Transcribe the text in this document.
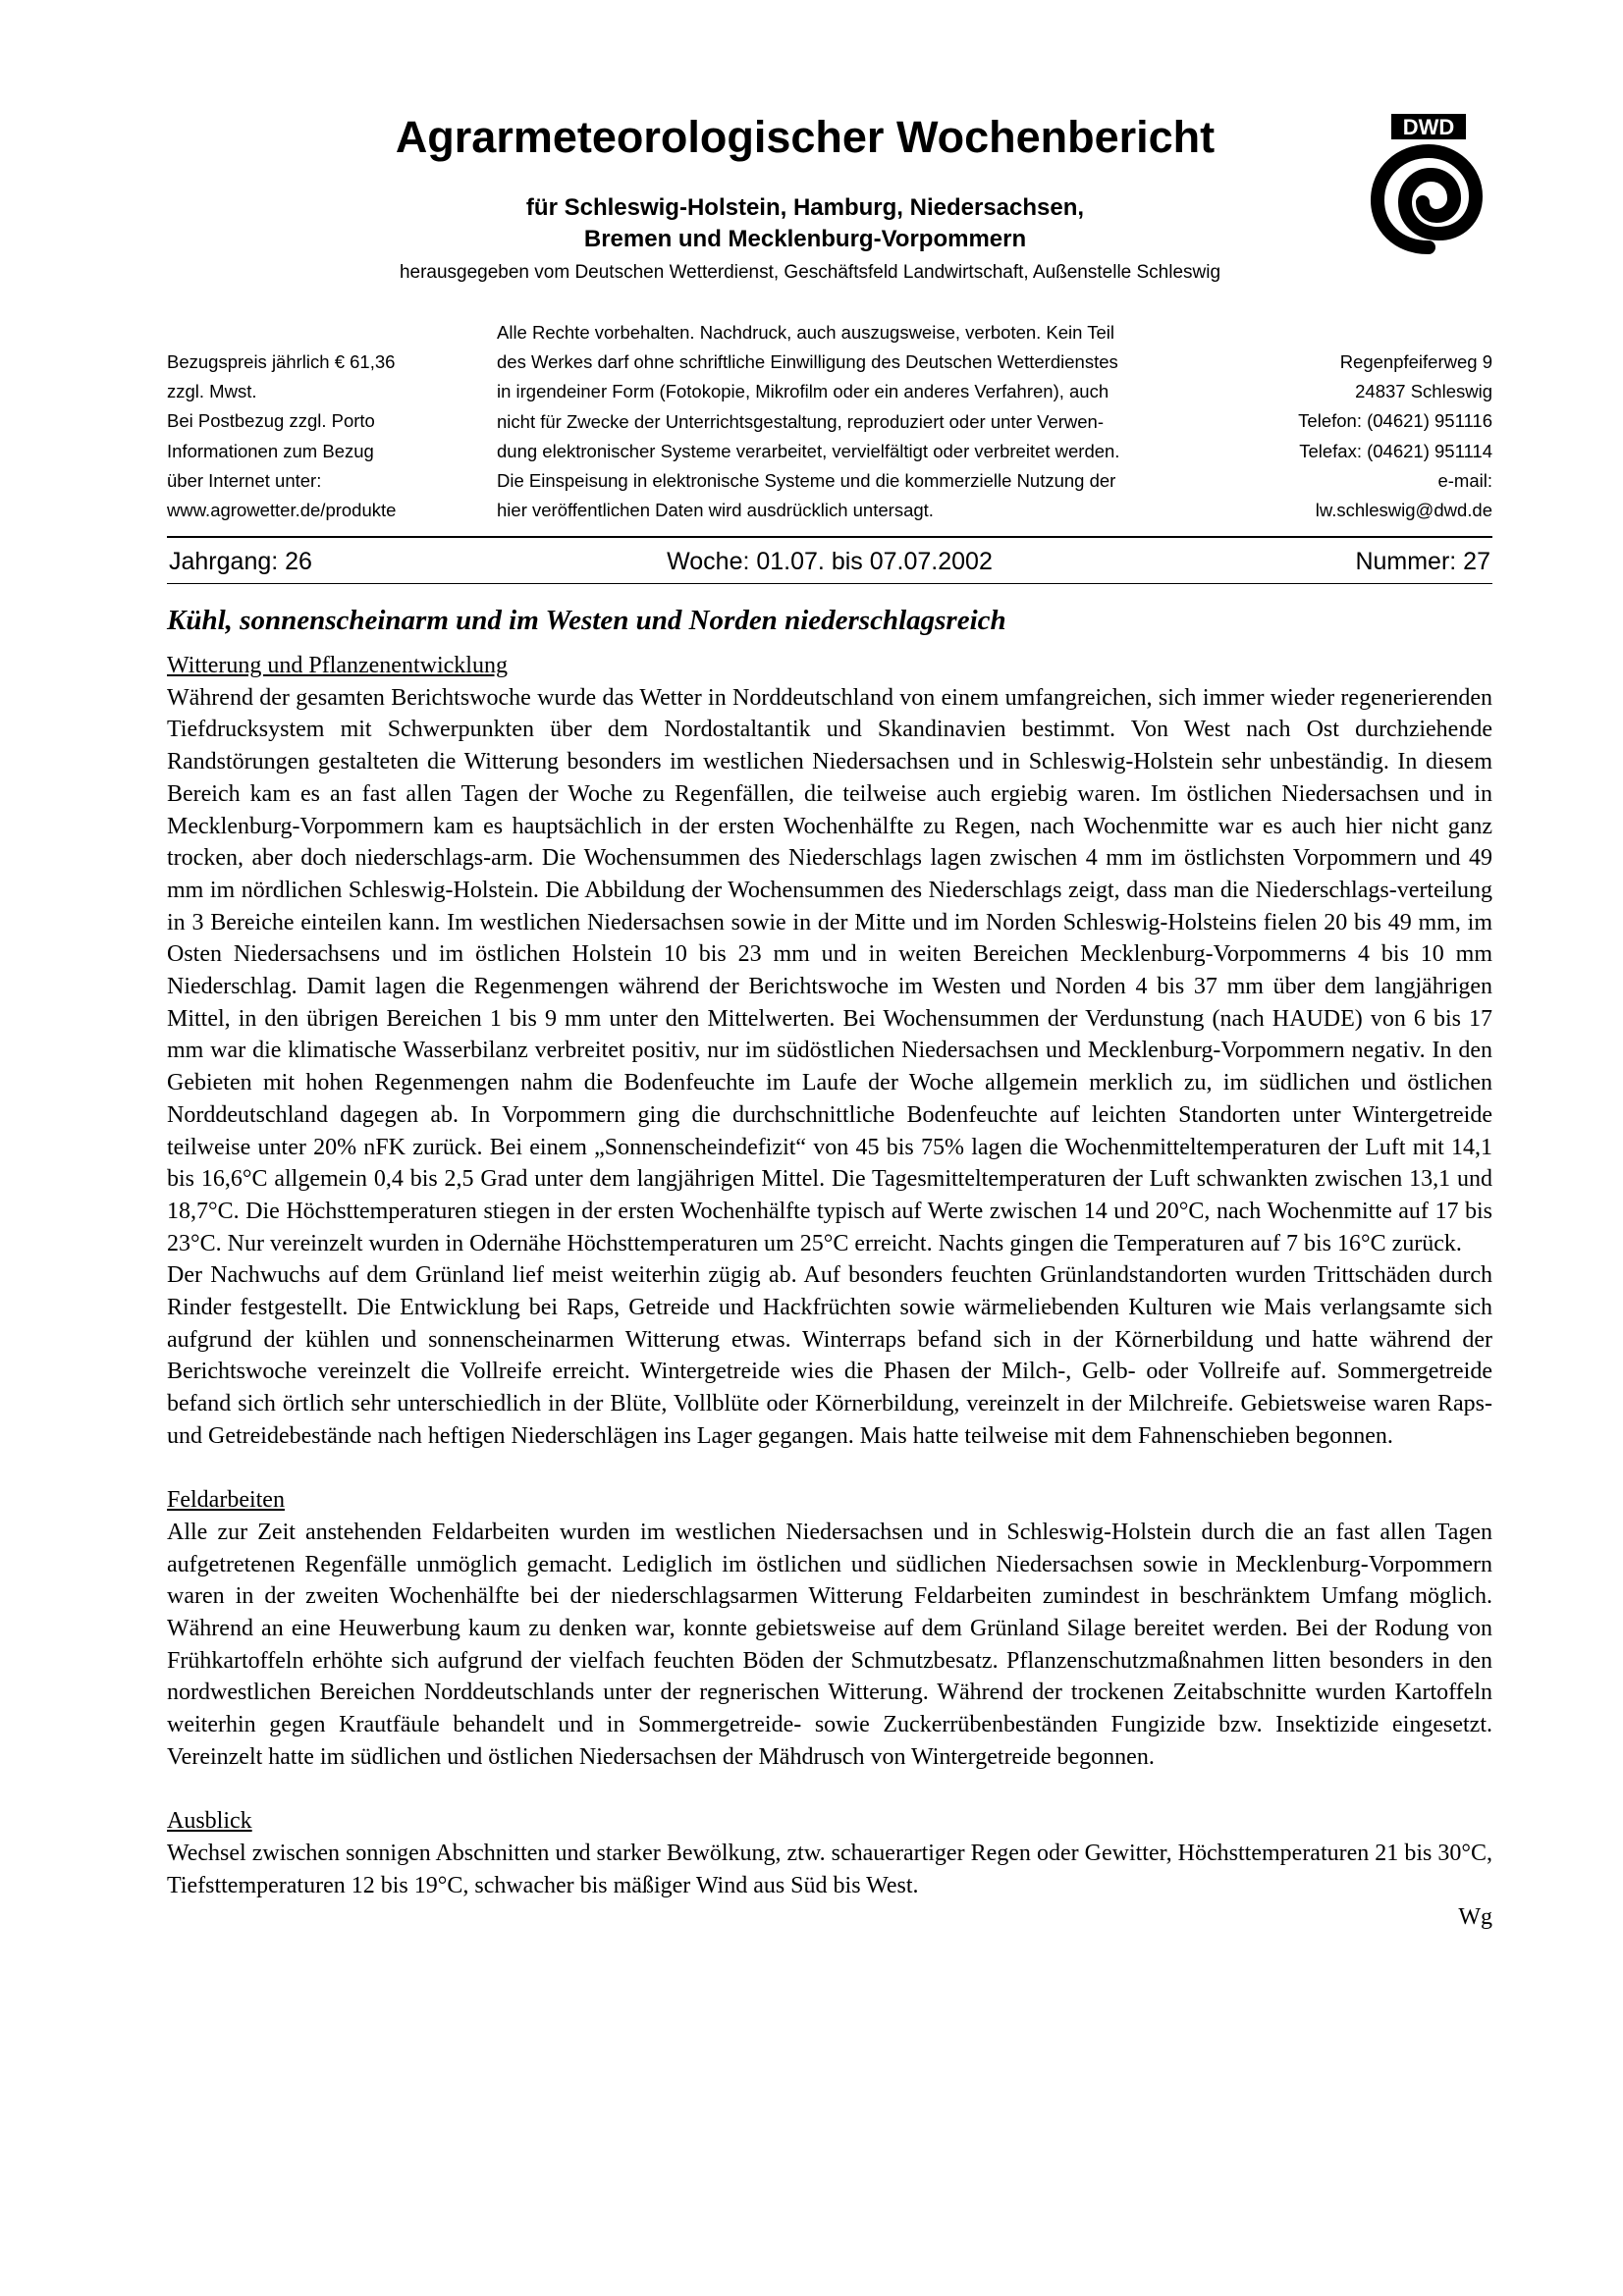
Agrarmeteorologischer Wochenbericht
für Schleswig-Holstein, Hamburg, Niedersachsen,
Bremen und Mecklenburg-Vorpommern
herausgegeben vom Deutschen Wetterdienst, Geschäftsfeld Landwirtschaft, Außenstelle Schleswig
DWD
Bezugspreis jährlich € 61,36
zzgl. Mwst.
Bei Postbezug zzgl. Porto
Informationen zum Bezug
über Internet unter:
www.agrowetter.de/produkte
Alle Rechte vorbehalten. Nachdruck, auch auszugsweise, verboten. Kein Teil
des Werkes darf ohne schriftliche Einwilligung des Deutschen Wetterdienstes
in irgendeiner Form (Fotokopie, Mikrofilm oder ein anderes Verfahren), auch
nicht für Zwecke der Unterrichtsgestaltung, reproduziert oder unter Verwen-
dung elektronischer Systeme verarbeitet, vervielfältigt oder verbreitet werden.
Die Einspeisung in elektronische Systeme und die kommerzielle Nutzung der
hier veröffentlichen Daten wird ausdrücklich untersagt.
Regenpfeiferweg 9
24837 Schleswig
Telefon: (04621) 951116
Telefax: (04621) 951114
e-mail:
lw.schleswig@dwd.de
Jahrgang: 26	Woche: 01.07. bis 07.07.2002	Nummer: 27

Kühl, sonnenscheinarm und im Westen und Norden niederschlagsreich

Witterung und Pflanzenentwicklung

Während der gesamten Berichtswoche wurde das Wetter in Norddeutschland von einem umfangreichen, sich immer wieder regenerierenden Tiefdrucksystem mit Schwerpunkten über dem Nordostaltantik und Skandinavien bestimmt. Von West nach Ost durchziehende Randstörungen gestalteten die Witterung besonders im westlichen Niedersachsen und in Schleswig-Holstein sehr unbeständig. In diesem Bereich kam es an fast allen Tagen der Woche zu Regenfällen, die teilweise auch ergiebig waren. Im östlichen Niedersachsen und in Mecklenburg-Vorpommern kam es hauptsächlich in der ersten Wochenhälfte zu Regen, nach Wochenmitte war es auch hier nicht ganz trocken, aber doch niederschlags-arm. Die Wochensummen des Niederschlags lagen zwischen 4 mm im östlichsten Vorpommern und 49 mm im nördlichen Schleswig-Holstein. Die Abbildung der Wochensummen des Niederschlags zeigt, dass man die Niederschlags-verteilung in 3 Bereiche einteilen kann. Im westlichen Niedersachsen sowie in der Mitte und im Norden Schleswig-Holsteins fielen 20 bis 49 mm, im Osten Niedersachsens und im östlichen Holstein 10 bis 23 mm und in weiten Bereichen Mecklenburg-Vorpommerns 4 bis 10 mm Niederschlag. Damit lagen die Regenmengen während der Berichtswoche im Westen und Norden 4 bis 37 mm über dem langjährigen Mittel, in den übrigen Bereichen 1 bis 9 mm unter den Mittelwerten. Bei Wochensummen der Verdunstung (nach HAUDE) von 6 bis 17 mm war die klimatische Wasserbilanz verbreitet positiv, nur im südöstlichen Niedersachsen und Mecklenburg-Vorpommern negativ. In den Gebieten mit hohen Regenmengen nahm die Bodenfeuchte im Laufe der Woche allgemein merklich zu, im südlichen und östlichen Norddeutschland dagegen ab. In Vorpommern ging die durchschnittliche Bodenfeuchte auf leichten Standorten unter Wintergetreide teilweise unter 20% nFK zurück. Bei einem „Sonnenscheindefizit“ von 45 bis 75% lagen die Wochenmitteltemperaturen der Luft mit 14,1 bis 16,6°C allgemein 0,4 bis 2,5 Grad unter dem langjährigen Mittel. Die Tagesmitteltemperaturen der Luft schwankten zwischen 13,1 und 18,7°C. Die Höchsttemperaturen stiegen in der ersten Wochenhälfte typisch auf Werte zwischen 14 und 20°C, nach Wochenmitte auf 17 bis 23°C. Nur vereinzelt wurden in Odernähe Höchsttemperaturen um 25°C erreicht. Nachts gingen die Temperaturen auf 7 bis 16°C zurück.

Der Nachwuchs auf dem Grünland lief meist weiterhin zügig ab. Auf besonders feuchten Grünlandstandorten wurden Trittschäden durch Rinder festgestellt. Die Entwicklung bei Raps, Getreide und Hackfrüchten sowie wärmeliebenden Kulturen wie Mais verlangsamte sich aufgrund der kühlen und sonnenscheinarmen Witterung etwas. Winterraps befand sich in der Körnerbildung und hatte während der Berichtswoche vereinzelt die Vollreife erreicht. Wintergetreide wies die Phasen der Milch-, Gelb- oder Vollreife auf. Sommergetreide befand sich örtlich sehr unterschiedlich in der Blüte, Vollblüte oder Körnerbildung, vereinzelt in der Milchreife. Gebietsweise waren Raps- und Getreidebestände nach heftigen Niederschlägen ins Lager gegangen. Mais hatte teilweise mit dem Fahnenschieben begonnen.

Feldarbeiten

Alle zur Zeit anstehenden Feldarbeiten wurden im westlichen Niedersachsen und in Schleswig-Holstein durch die an fast allen Tagen aufgetretenen Regenfälle unmöglich gemacht. Lediglich im östlichen und südlichen Niedersachsen sowie in Mecklenburg-Vorpommern waren in der zweiten Wochenhälfte bei der niederschlagsarmen Witterung Feldarbeiten zumindest in beschränktem Umfang möglich. Während an eine Heuwerbung kaum zu denken war, konnte gebietsweise auf dem Grünland Silage bereitet werden. Bei der Rodung von Frühkartoffeln erhöhte sich aufgrund der vielfach feuchten Böden der Schmutzbesatz. Pflanzenschutzmaßnahmen litten besonders in den nordwestlichen Bereichen Norddeutschlands unter der regnerischen Witterung. Während der trockenen Zeitabschnitte wurden Kartoffeln weiterhin gegen Krautfäule behandelt und in Sommergetreide- sowie Zuckerrübenbeständen Fungizide bzw. Insektizide eingesetzt. Vereinzelt hatte im südlichen und östlichen Niedersachsen der Mähdrusch von Wintergetreide begonnen.

Ausblick

Wechsel zwischen sonnigen Abschnitten und starker Bewölkung, ztw. schauerartiger Regen oder Gewitter, Höchsttemperaturen 21 bis 30°C, Tiefsttemperaturen 12 bis 19°C, schwacher bis mäßiger Wind aus Süd bis West.

Wg
